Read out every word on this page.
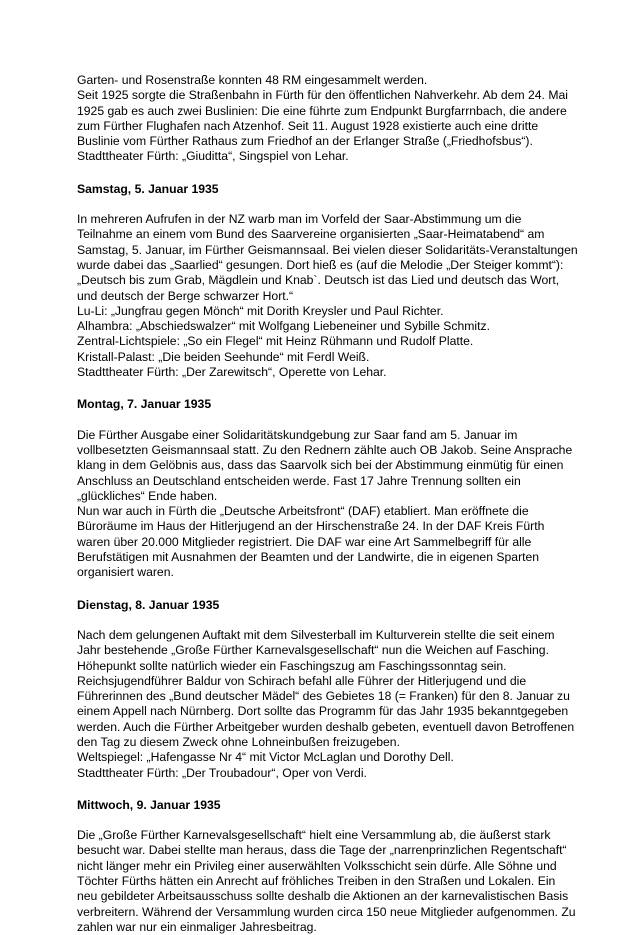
Garten- und Rosenstraße konnten 48 RM eingesammelt werden.
Seit 1925 sorgte die Straßenbahn in Fürth für den öffentlichen Nahverkehr. Ab dem 24. Mai
1925 gab es auch zwei Buslinien: Die eine führte zum Endpunkt Burgfarrnbach, die andere
zum Fürther Flughafen nach Atzenhof. Seit 11. August 1928 existierte auch eine dritte
Buslinie vom Fürther Rathaus zum Friedhof an der Erlanger Straße („Friedhofsbus“).
Stadttheater Fürth: „Giuditta“, Singspiel von Lehar.
Samstag, 5. Januar 1935
In mehreren Aufrufen in der NZ warb man im Vorfeld der Saar-Abstimmung um die
Teilnahme an einem vom Bund des Saarvereine organisierten „Saar-Heimatabend“ am
Samstag, 5. Januar, im Fürther Geismannsaal. Bei vielen dieser Solidaritäts-Veranstaltungen
wurde dabei das „Saarlied“ gesungen. Dort hieß es (auf die Melodie „Der Steiger kommt“):
„Deutsch bis zum Grab, Mägdlein und Knab`. Deutsch ist das Lied und deutsch das Wort,
und deutsch der Berge schwarzer Hort.“
Lu-Li: „Jungfrau gegen Mönch“ mit Dorith Kreysler und Paul Richter.
Alhambra: „Abschiedswalzer“ mit Wolfgang Liebeneiner und Sybille Schmitz.
Zentral-Lichtspiele: „So ein Flegel“ mit Heinz Rühmann und Rudolf Platte.
Kristall-Palast: „Die beiden Seehunde“ mit Ferdl Weiß.
Stadttheater Fürth: „Der Zarewitsch“, Operette von Lehar.
Montag, 7. Januar 1935
Die Fürther Ausgabe einer Solidaritätskundgebung zur Saar fand am 5. Januar im
vollbesetzten Geismannsaal statt. Zu den Rednern zählte auch OB Jakob. Seine Ansprache
klang in dem Gelöbnis aus, dass das Saarvolk sich bei der Abstimmung einmütig für einen
Anschluss an Deutschland entscheiden werde. Fast 17 Jahre Trennung sollten ein
„glückliches“ Ende haben.
Nun war auch in Fürth die „Deutsche Arbeitsfront“ (DAF) etabliert. Man eröffnete die
Büroräume im Haus der Hitlerjugend an der Hirschenstraße 24. In der DAF Kreis Fürth
waren über 20.000 Mitglieder registriert. Die DAF war eine Art Sammelbegriff für alle
Berufstätigen mit Ausnahmen der Beamten und der Landwirte, die in eigenen Sparten
organisiert waren.
Dienstag, 8. Januar 1935
Nach dem gelungenen Auftakt mit dem Silvesterball im Kulturverein stellte die seit einem
Jahr bestehende „Große Fürther Karnevalsgesellschaft“ nun die Weichen auf Fasching.
Höhepunkt sollte natürlich wieder ein Faschingszug am Faschingssonntag sein.
Reichsjugendführer Baldur von Schirach befahl alle Führer der Hitlerjugend und die
Führerinnen des „Bund deutscher Mädel“ des Gebietes 18 (= Franken) für den 8. Januar zu
einem Appell nach Nürnberg. Dort sollte das Programm für das Jahr 1935 bekanntgegeben
werden. Auch die Fürther Arbeitgeber wurden deshalb gebeten, eventuell davon Betroffenen
den Tag zu diesem Zweck ohne Lohneinbußen freizugeben.
Weltspiegel: „Hafengasse Nr 4“ mit Victor McLaglan und Dorothy Dell.
Stadttheater Fürth: „Der Troubadour“, Oper von Verdi.
Mittwoch, 9. Januar 1935
Die „Große Fürther Karnevalsgesellschaft“ hielt eine Versammlung ab, die äußerst stark
besucht war. Dabei stellte man heraus, dass die Tage der „narrenprinzlichen Regentschaft“
nicht länger mehr ein Privileg einer auserwählten Volksschicht sein dürfe. Alle Söhne und
Töchter Fürths hätten ein Anrecht auf fröhliches Treiben in den Straßen und Lokalen. Ein
neu gebildeter Arbeitsausschuss sollte deshalb die Aktionen an der karnevalistischen Basis
verbreitern. Während der Versammlung wurden circa 150 neue Mitglieder aufgenommen. Zu
zahlen war nur ein einmaliger Jahresbeitrag.
